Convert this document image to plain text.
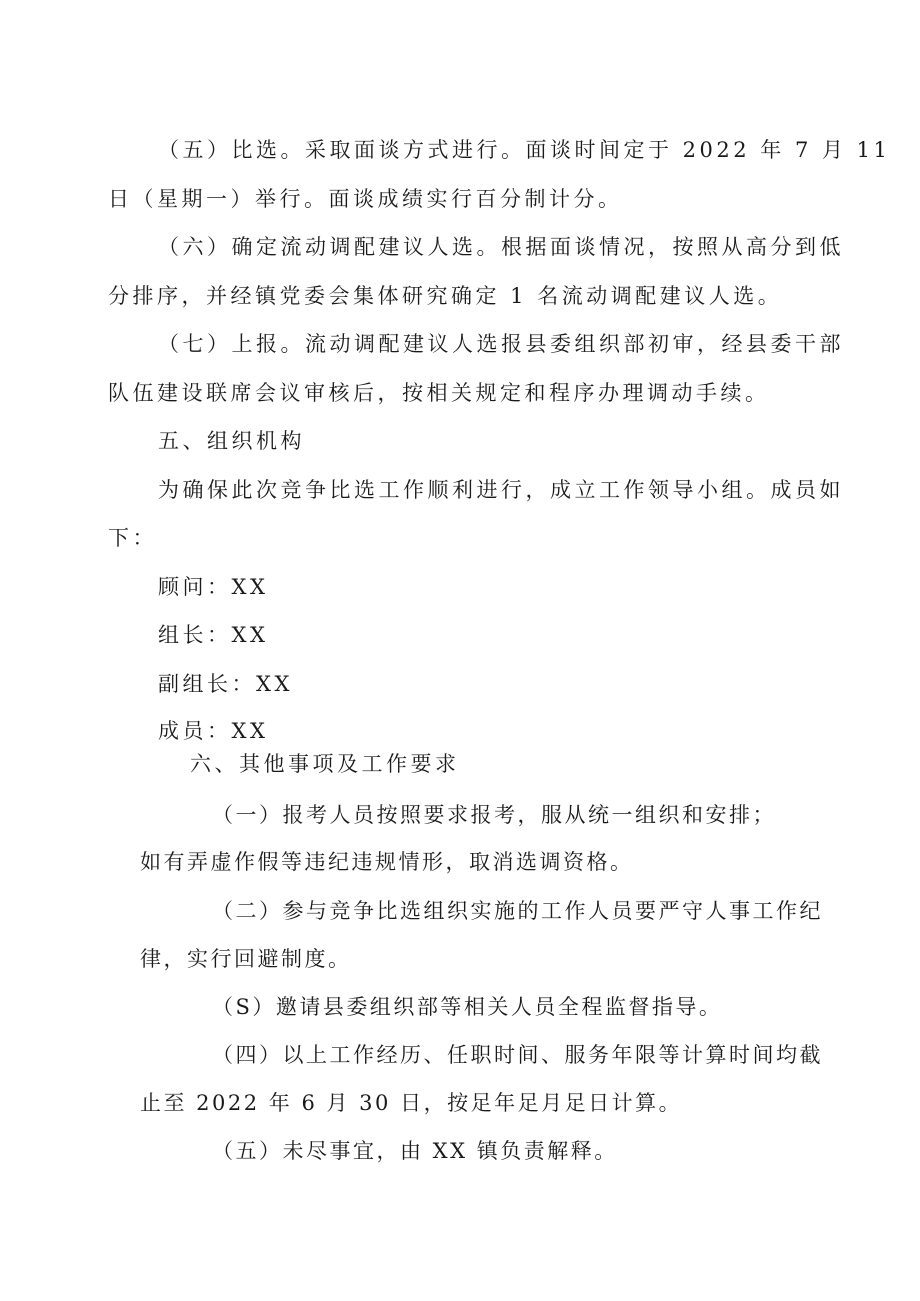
（五）比选。采取面谈方式进行。面谈时间定于 2022 年 7 月 11
日（星期一）举行。面谈成绩实行百分制计分。
（六）确定流动调配建议人选。根据面谈情况，按照从高分到低
分排序，并经镇党委会集体研究确定 1 名流动调配建议人选。
（七）上报。流动调配建议人选报县委组织部初审，经县委干部
队伍建设联席会议审核后，按相关规定和程序办理调动手续。
五、组织机构
为确保此次竞争比选工作顺利进行，成立工作领导小组。成员如
下：
顾问：XX
组长：XX
副组长：XX
成员：XX
六、其他事项及工作要求
（一）报考人员按照要求报考，服从统一组织和安排；
如有弄虚作假等违纪违规情形，取消选调资格。
（二）参与竞争比选组织实施的工作人员要严守人事工作纪
律，实行回避制度。
（S）邀请县委组织部等相关人员全程监督指导。
（四）以上工作经历、任职时间、服务年限等计算时间均截
止至 2022 年 6 月 30 日，按足年足月足日计算。
（五）未尽事宜，由 XX 镇负责解释。
